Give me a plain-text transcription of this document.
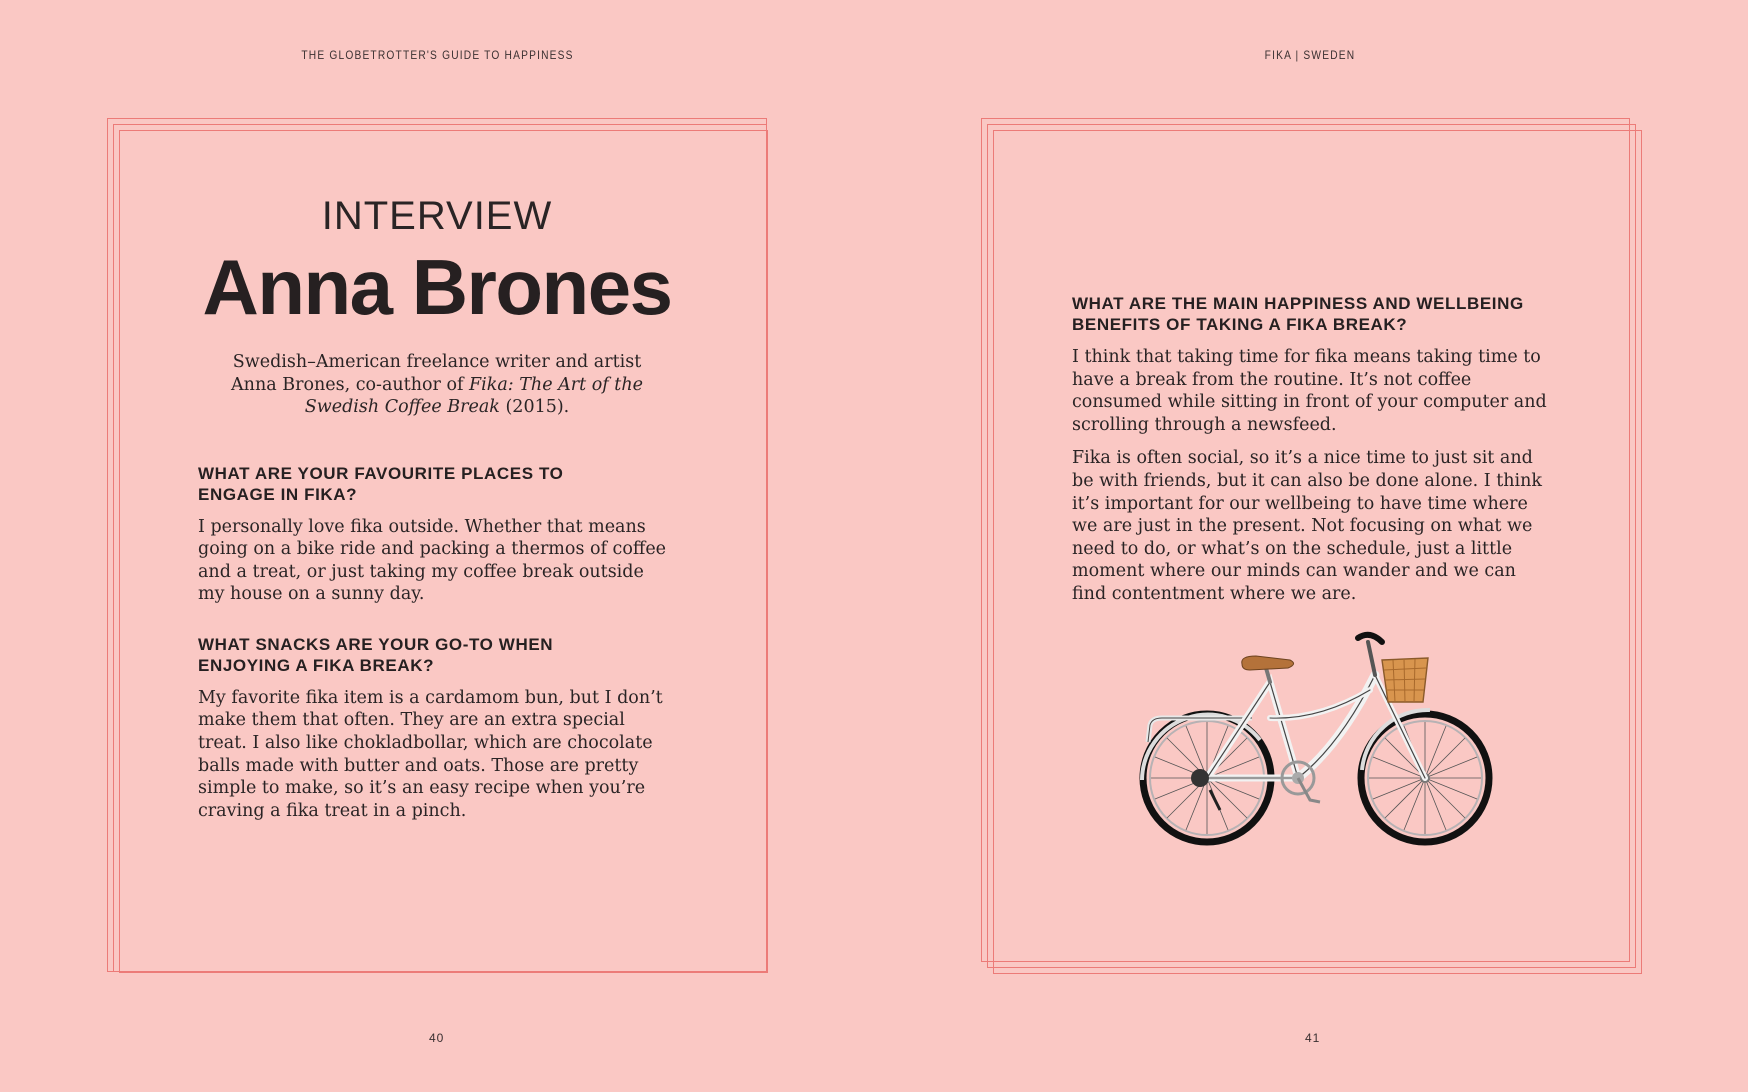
THE GLOBETROTTER'S GUIDE TO HAPPINESS	FIKA | SWEDEN
INTERVIEW
Anna Brones
Swedish–American freelance writer and artist
Anna Brones, co-author of Fika: The Art of the
Swedish Coffee Break (2015).
WHAT ARE YOUR FAVOURITE PLACES TO ENGAGE IN FIKA?
I personally love fika outside. Whether that means going on a bike ride and packing a thermos of coffee and a treat, or just taking my coffee break outside my house on a sunny day.
WHAT SNACKS ARE YOUR GO-TO WHEN ENJOYING A FIKA BREAK?
My favorite fika item is a cardamom bun, but I don’t make them that often. They are an extra special treat. I also like chokladbollar, which are chocolate balls made with butter and oats. Those are pretty simple to make, so it’s an easy recipe when you’re craving a fika treat in a pinch.
WHAT ARE THE MAIN HAPPINESS AND WELLBEING BENEFITS OF TAKING A FIKA BREAK?
I think that taking time for fika means taking time to have a break from the routine. It’s not coffee consumed while sitting in front of your computer and scrolling through a newsfeed.
Fika is often social, so it’s a nice time to just sit and be with friends, but it can also be done alone. I think it’s important for our wellbeing to have time where we are just in the present. Not focusing on what we need to do, or what’s on the schedule, just a little moment where our minds can wander and we can find contentment where we are.
40	41
